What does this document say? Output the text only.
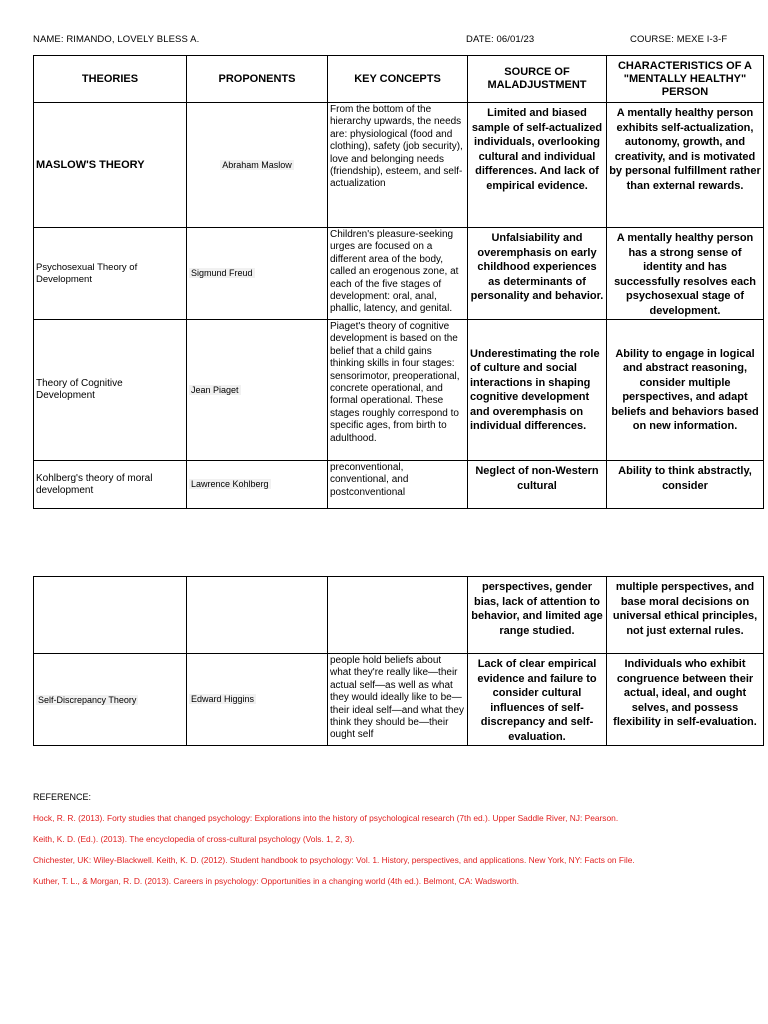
NAME: RIMANDO, LOVELY BLESS A.	DATE: 06/01/23	COURSE: MEXE I-3-F
THEORIES	PROPONENTS	KEY CONCEPTS	SOURCE OF MALADJUSTMENT	CHARACTERISTICS OF A "MENTALLY HEALTHY" PERSON
MASLOW'S THEORY	Abraham Maslow	From the bottom of the hierarchy upwards, the needs are: physiological (food and clothing), safety (job security), love and belonging needs (friendship), esteem, and self-actualization	Limited and biased sample of self-actualized individuals, overlooking cultural and individual differences. And lack of empirical evidence.	A mentally healthy person exhibits self-actualization, autonomy, growth, and creativity, and is motivated by personal fulfillment rather than external rewards.
Psychosexual Theory of Development	Sigmund Freud	Children's pleasure-seeking urges are focused on a different area of the body, called an erogenous zone, at each of the five stages of development: oral, anal, phallic, latency, and genital.	Unfalsiability and overemphasis on early childhood experiences as determinants of personality and behavior.	A mentally healthy person has a strong sense of identity and has successfully resolves each psychosexual stage of development.
Theory of Cognitive Development	Jean Piaget	Piaget's theory of cognitive development is based on the belief that a child gains thinking skills in four stages: sensorimotor, preoperational, concrete operational, and formal operational. These stages roughly correspond to specific ages, from birth to adulthood.	Underestimating the role of culture and social interactions in shaping cognitive development and overemphasis on individual differences.	Ability to engage in logical and abstract reasoning, consider multiple perspectives, and adapt beliefs and behaviors based on new information.
Kohlberg's theory of moral development	Lawrence Kohlberg	preconventional, conventional, and postconventional	Neglect of non-Western cultural	Ability to think abstractly, consider
			perspectives, gender bias, lack of attention to behavior, and limited age range studied.	multiple perspectives, and base moral decisions on universal ethical principles, not just external rules.
Self-Discrepancy Theory	Edward Higgins	people hold beliefs about what they're really like—their actual self—as well as what they would ideally like to be—their ideal self—and what they think they should be—their ought self	Lack of clear empirical evidence and failure to consider cultural influences of self-discrepancy and self-evaluation.	Individuals who exhibit congruence between their actual, ideal, and ought selves, and possess flexibility in self-evaluation.
REFERENCE:
Hock, R. R. (2013). Forty studies that changed psychology: Explorations into the history of psychological research (7th ed.). Upper Saddle River, NJ: Pearson.
Keith, K. D. (Ed.). (2013). The encyclopedia of cross-cultural psychology (Vols. 1, 2, 3).
Chichester, UK: Wiley-Blackwell. Keith, K. D. (2012). Student handbook to psychology: Vol. 1. History, perspectives, and applications. New York, NY: Facts on File.
Kuther, T. L., & Morgan, R. D. (2013). Careers in psychology: Opportunities in a changing world (4th ed.). Belmont, CA: Wadsworth.
